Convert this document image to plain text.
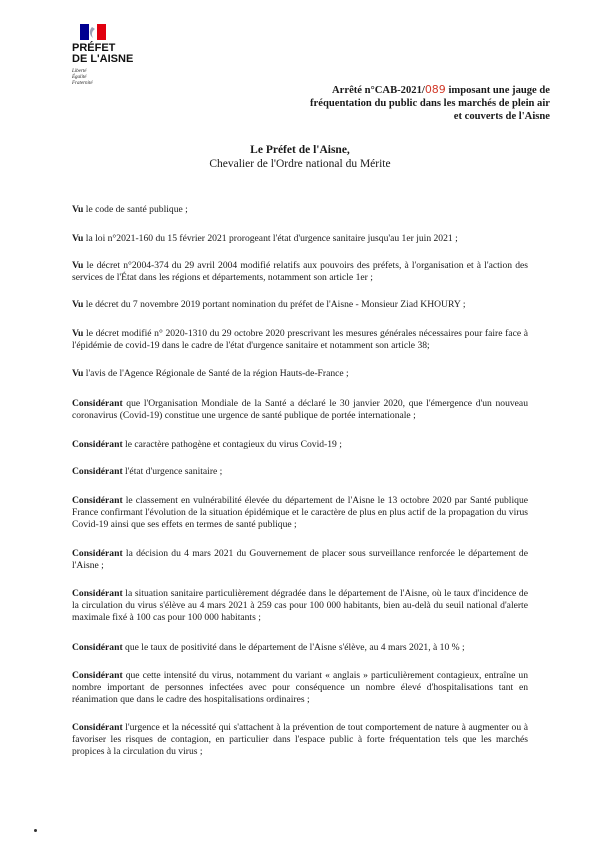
PRÉFET
DE L'AISNE
Liberté
Égalité
Fraternité
Arrêté n°CAB-2021/089 imposant une jauge de fréquentation du public dans les marchés de plein air et couverts de l'Aisne
Le Préfet de l'Aisne,
Chevalier de l'Ordre national du Mérite
Vu le code de santé publique ;
Vu la loi n°2021-160 du 15 février 2021 prorogeant l'état d'urgence sanitaire jusqu'au 1er juin 2021 ;
Vu le décret n°2004-374 du 29 avril 2004 modifié relatifs aux pouvoirs des préfets, à l'organisation et à l'action des services de l'État dans les régions et départements, notamment son article 1er ;
Vu le décret du 7 novembre 2019 portant nomination du préfet de l'Aisne - Monsieur Ziad KHOURY ;
Vu le décret modifié n° 2020-1310 du 29 octobre 2020 prescrivant les mesures générales nécessaires pour faire face à l'épidémie de covid-19 dans le cadre de l'état d'urgence sanitaire et notamment son article 38;
Vu l'avis de l'Agence Régionale de Santé de la région Hauts-de-France ;
Considérant que l'Organisation Mondiale de la Santé a déclaré le 30 janvier 2020, que l'émergence d'un nouveau coronavirus (Covid-19) constitue une urgence de santé publique de portée internationale ;
Considérant le caractère pathogène et contagieux du virus Covid-19 ;
Considérant l'état d'urgence sanitaire ;
Considérant le classement en vulnérabilité élevée du département de l'Aisne le 13 octobre 2020 par Santé publique France confirmant l'évolution de la situation épidémique et le caractère de plus en plus actif de la propagation du virus Covid-19 ainsi que ses effets en termes de santé publique ;
Considérant la décision du 4 mars 2021 du Gouvernement de placer sous surveillance renforcée le département de l'Aisne ;
Considérant la situation sanitaire particulièrement dégradée dans le département de l'Aisne, où le taux d'incidence de la circulation du virus s'élève au 4 mars 2021 à 259 cas pour 100 000 habitants, bien au-delà du seuil national d'alerte maximale fixé à 100 cas pour 100 000 habitants ;
Considérant que le taux de positivité dans le département de l'Aisne s'élève, au 4 mars 2021, à 10 % ;
Considérant que cette intensité du virus, notamment du variant « anglais » particulièrement contagieux, entraîne un nombre important de personnes infectées avec pour conséquence un nombre élevé d'hospitalisations tant en réanimation que dans le cadre des hospitalisations ordinaires ;
Considérant l'urgence et la nécessité qui s'attachent à la prévention de tout comportement de nature à augmenter ou à favoriser les risques de contagion, en particulier dans l'espace public à forte fréquentation tels que les marchés propices à la circulation du virus ;
